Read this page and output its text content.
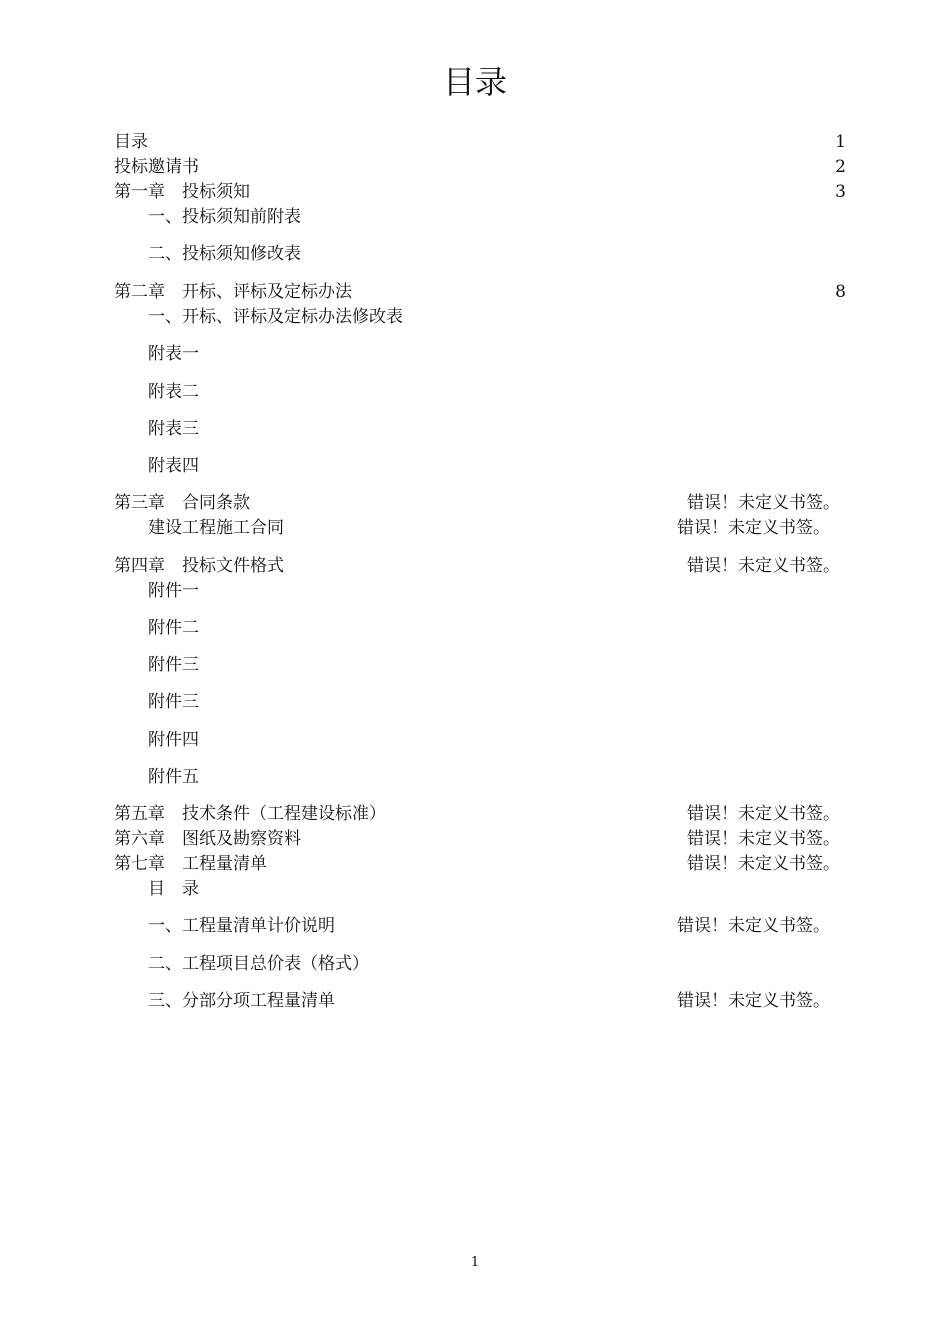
目录
目录	1
投标邀请书	2
第一章　投标须知	3
一、投标须知前附表
二、投标须知修改表
第二章　开标、评标及定标办法	8
一、开标、评标及定标办法修改表
附表一
附表二
附表三
附表四
第三章　合同条款	错误！未定义书签。
建设工程施工合同	错误！未定义书签。
第四章　投标文件格式	错误！未定义书签。
附件一
附件二
附件三
附件三
附件四
附件五
第五章　技术条件（工程建设标准）	错误！未定义书签。
第六章　图纸及勘察资料	错误！未定义书签。
第七章　工程量清单	错误！未定义书签。
目　录
一、工程量清单计价说明	错误！未定义书签。
二、工程项目总价表（格式）
三、分部分项工程量清单	错误！未定义书签。
1
